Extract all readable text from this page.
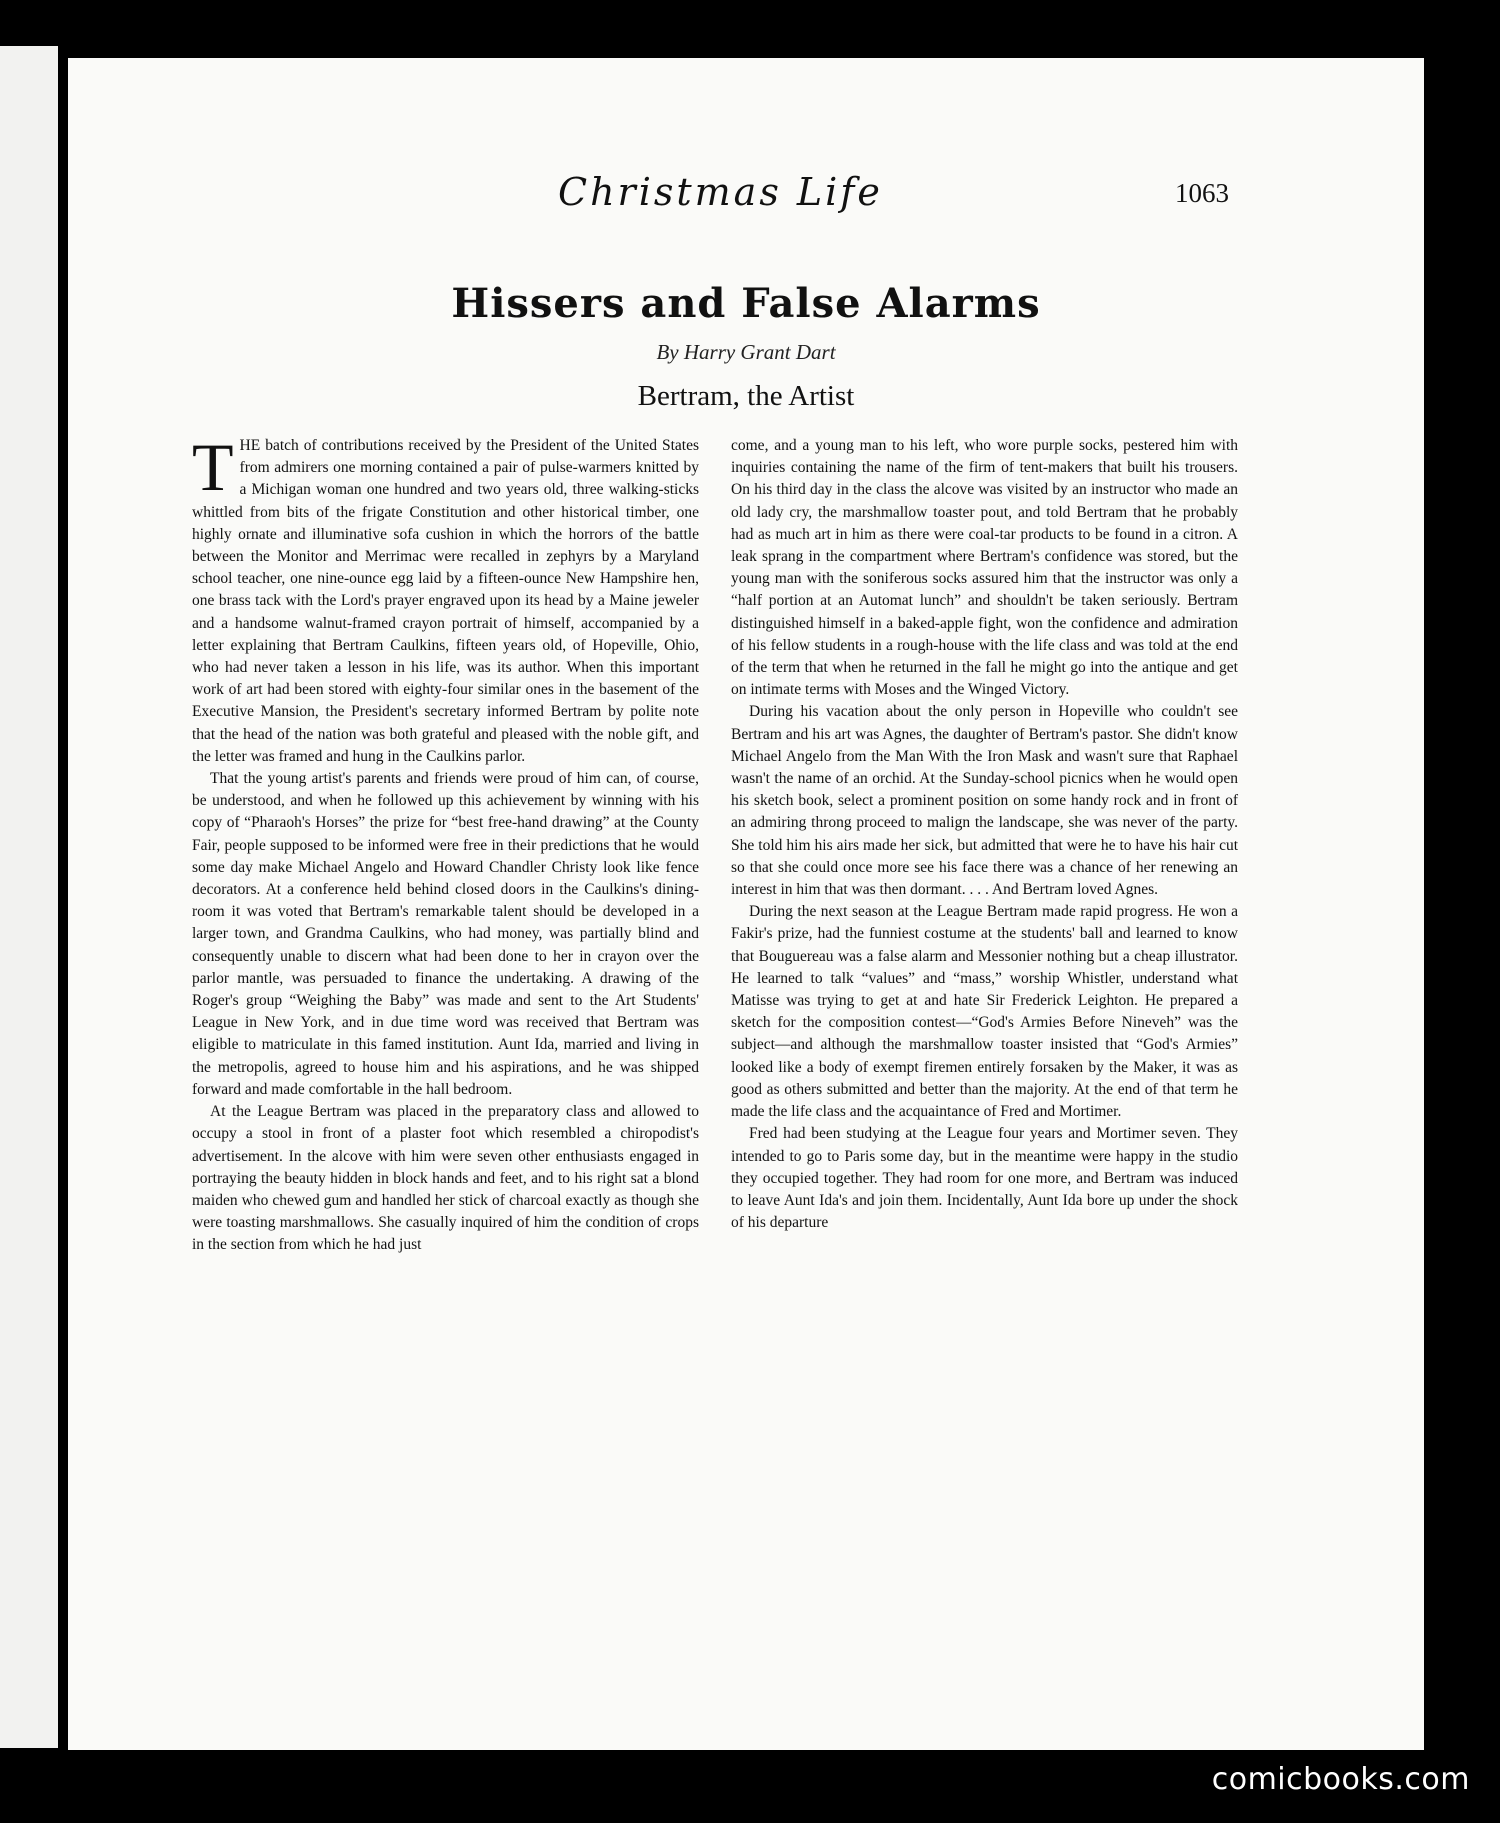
Christmas Life	1063
Hissers and False Alarms
By Harry Grant Dart
Bertram, the Artist

THE batch of contributions received by the President of the United States from admirers one morning contained a pair of pulse-warmers knitted by a Michigan woman one hundred and two years old, three walking-sticks whittled from bits of the frigate Constitution and other historical timber, one highly ornate and illuminative sofa cushion in which the horrors of the battle between the Monitor and Merrimac were recalled in zephyrs by a Maryland school teacher, one nine-ounce egg laid by a fifteen-ounce New Hampshire hen, one brass tack with the Lord's prayer engraved upon its head by a Maine jeweler and a handsome walnut-framed crayon portrait of himself, accompanied by a letter explaining that Bertram Caulkins, fifteen years old, of Hopeville, Ohio, who had never taken a lesson in his life, was its author. When this important work of art had been stored with eighty-four similar ones in the basement of the Executive Mansion, the President's secretary informed Bertram by polite note that the head of the nation was both grateful and pleased with the noble gift, and the letter was framed and hung in the Caulkins parlor.

That the young artist's parents and friends were proud of him can, of course, be understood, and when he followed up this achievement by winning with his copy of “Pharaoh's Horses” the prize for “best free-hand drawing” at the County Fair, people supposed to be informed were free in their predictions that he would some day make Michael Angelo and Howard Chandler Christy look like fence decorators. At a conference held behind closed doors in the Caulkins's dining-room it was voted that Bertram's remarkable talent should be developed in a larger town, and Grandma Caulkins, who had money, was partially blind and consequently unable to discern what had been done to her in crayon over the parlor mantle, was persuaded to finance the undertaking. A drawing of the Roger's group “Weighing the Baby” was made and sent to the Art Students' League in New York, and in due time word was received that Bertram was eligible to matriculate in this famed institution. Aunt Ida, married and living in the metropolis, agreed to house him and his aspirations, and he was shipped forward and made comfortable in the hall bedroom.

At the League Bertram was placed in the preparatory class and allowed to occupy a stool in front of a plaster foot which resembled a chiropodist's advertisement. In the alcove with him were seven other enthusiasts engaged in portraying the beauty hidden in block hands and feet, and to his right sat a blond maiden who chewed gum and handled her stick of charcoal exactly as though she were toasting marshmallows. She casually inquired of him the condition of crops in the section from which he had just

come, and a young man to his left, who wore purple socks, pestered him with inquiries containing the name of the firm of tent-makers that built his trousers. On his third day in the class the alcove was visited by an instructor who made an old lady cry, the marshmallow toaster pout, and told Bertram that he probably had as much art in him as there were coal-tar products to be found in a citron. A leak sprang in the compartment where Bertram's confidence was stored, but the young man with the soniferous socks assured him that the instructor was only a “half portion at an Automat lunch” and shouldn't be taken seriously. Bertram distinguished himself in a baked-apple fight, won the confidence and admiration of his fellow students in a rough-house with the life class and was told at the end of the term that when he returned in the fall he might go into the antique and get on intimate terms with Moses and the Winged Victory.

During his vacation about the only person in Hopeville who couldn't see Bertram and his art was Agnes, the daughter of Bertram's pastor. She didn't know Michael Angelo from the Man With the Iron Mask and wasn't sure that Raphael wasn't the name of an orchid. At the Sunday-school picnics when he would open his sketch book, select a prominent position on some handy rock and in front of an admiring throng proceed to malign the landscape, she was never of the party. She told him his airs made her sick, but admitted that were he to have his hair cut so that she could once more see his face there was a chance of her renewing an interest in him that was then dormant. . . . And Bertram loved Agnes.

During the next season at the League Bertram made rapid progress. He won a Fakir's prize, had the funniest costume at the students' ball and learned to know that Bouguereau was a false alarm and Messonier nothing but a cheap illustrator. He learned to talk “values” and “mass,” worship Whistler, understand what Matisse was trying to get at and hate Sir Frederick Leighton. He prepared a sketch for the composition contest—“God's Armies Before Nineveh” was the subject—and although the marshmallow toaster insisted that “God's Armies” looked like a body of exempt firemen entirely forsaken by the Maker, it was as good as others submitted and better than the majority. At the end of that term he made the life class and the acquaintance of Fred and Mortimer.

Fred had been studying at the League four years and Mortimer seven. They intended to go to Paris some day, but in the meantime were happy in the studio they occupied together. They had room for one more, and Bertram was induced to leave Aunt Ida's and join them. Incidentally, Aunt Ida bore up under the shock of his departure

comicbooks.com
